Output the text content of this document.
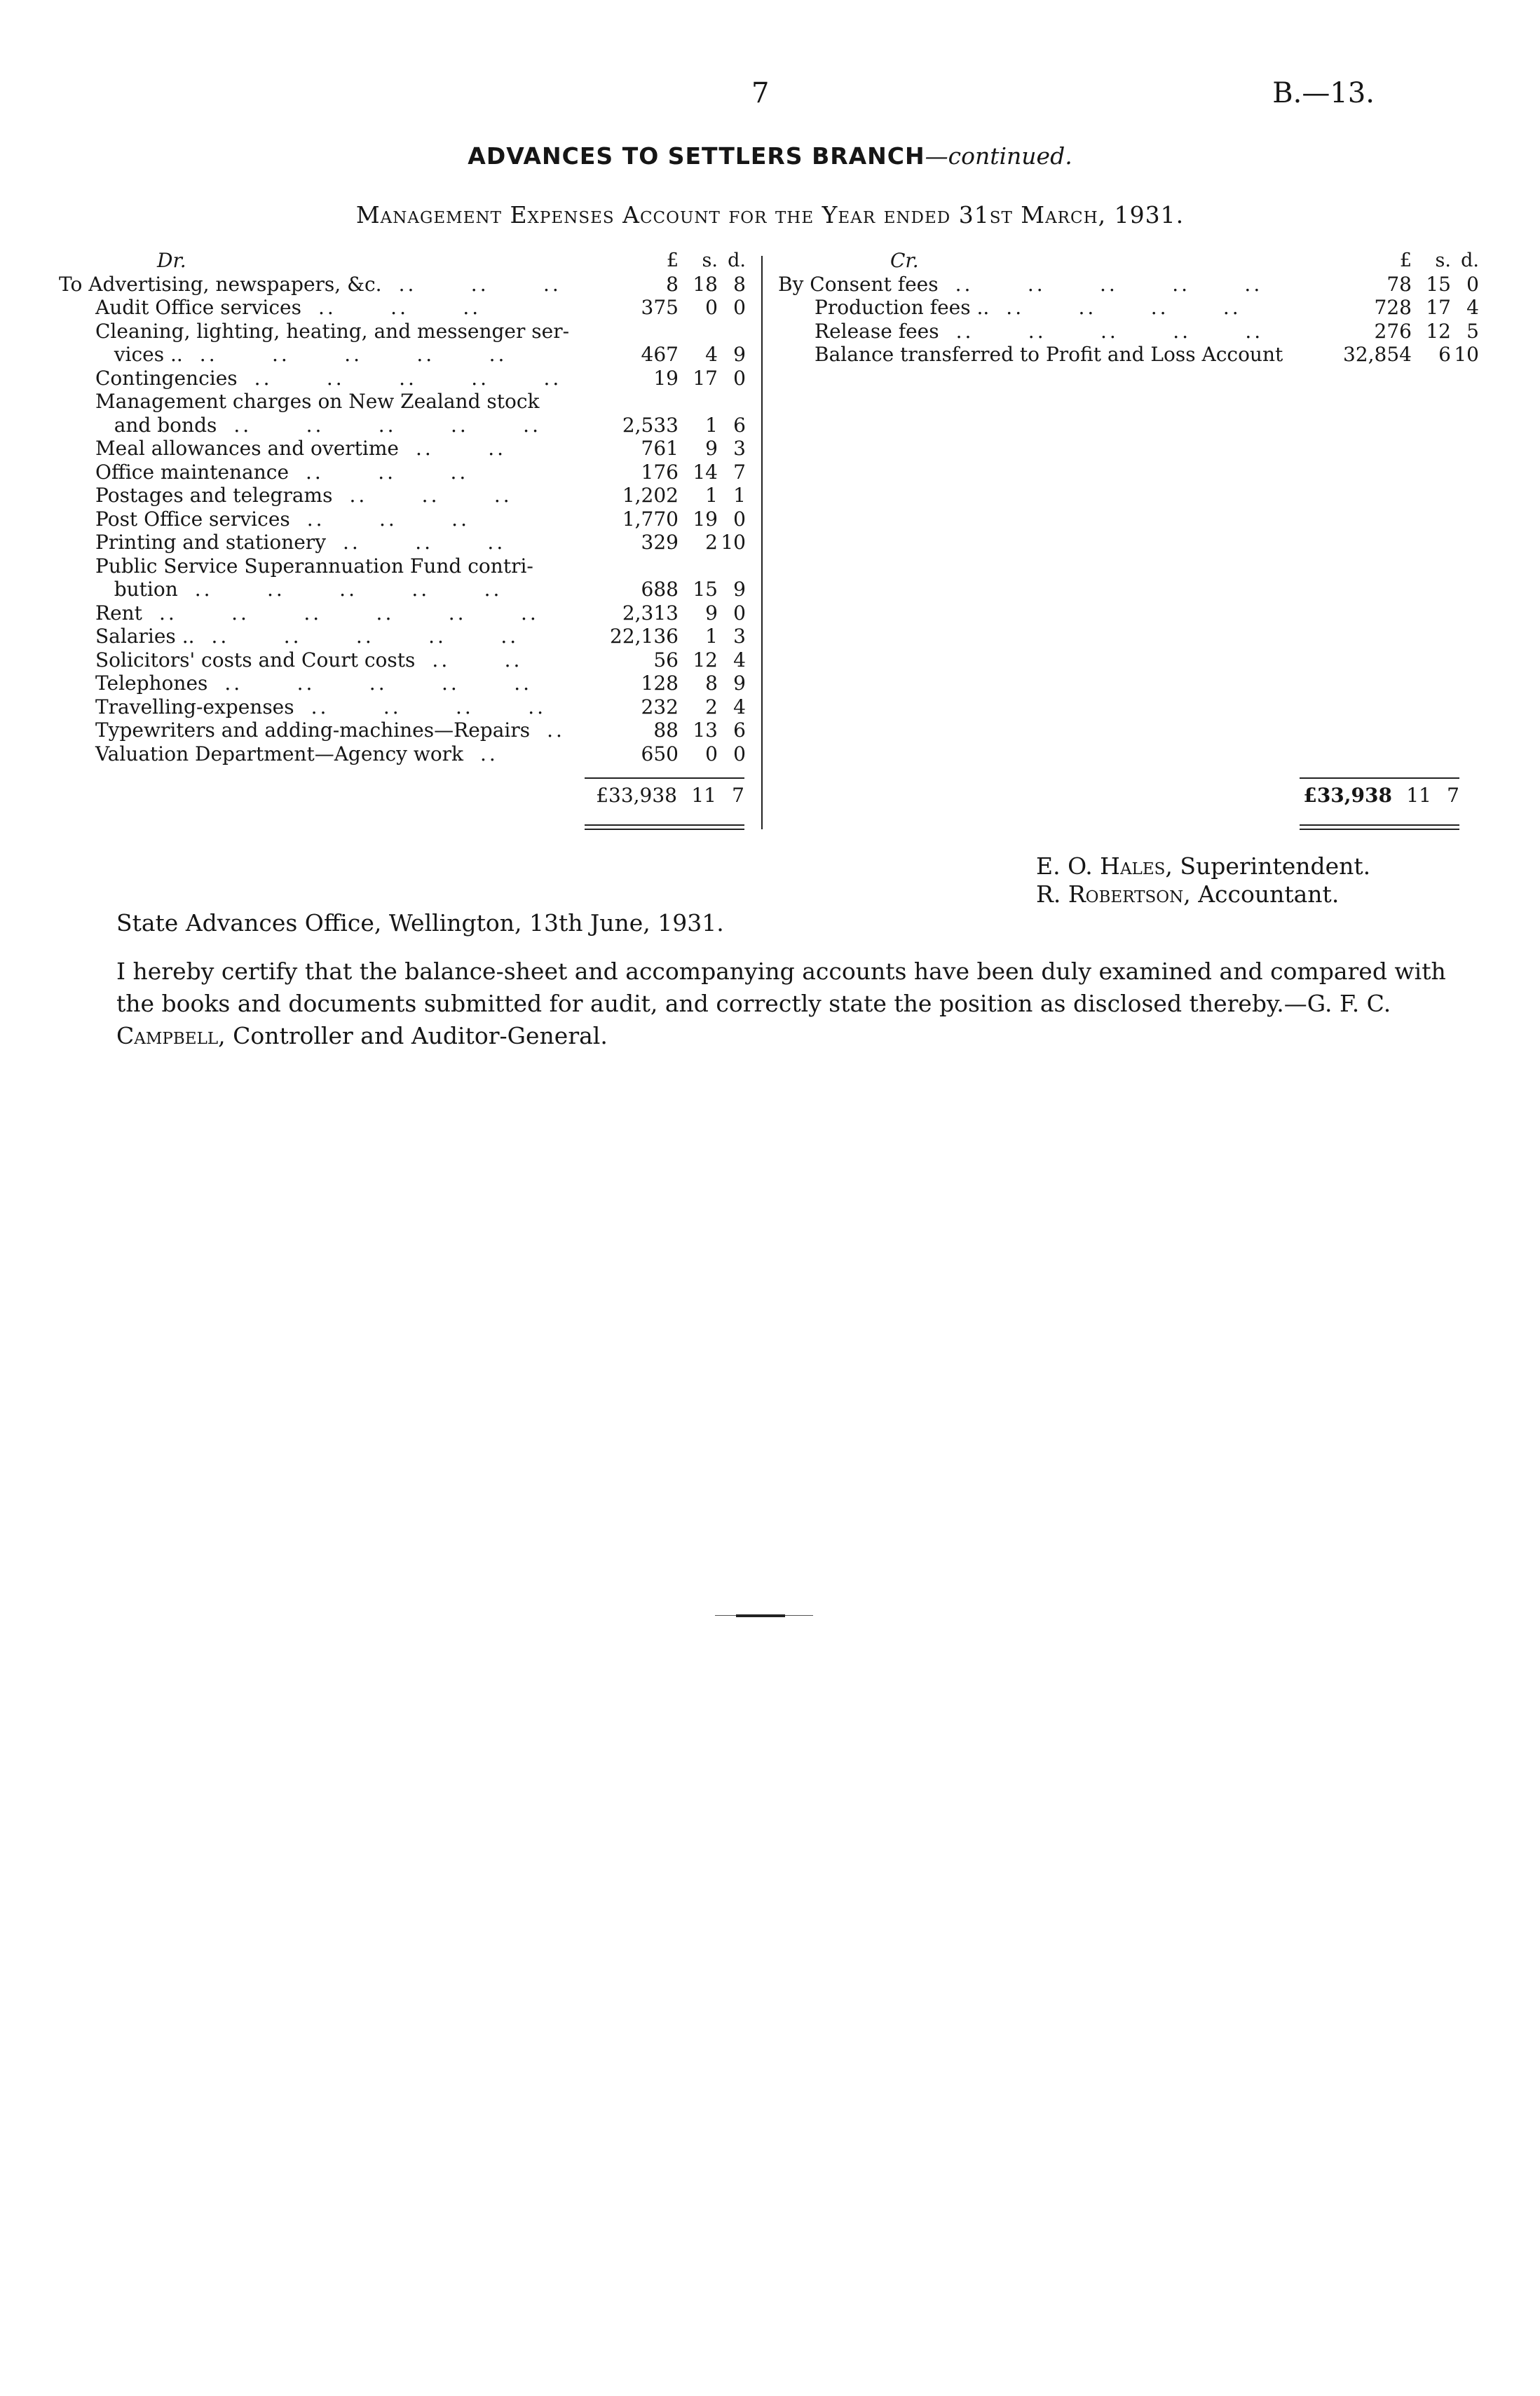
7	B.—13.
ADVANCES TO SETTLERS BRANCH—continued.
Management Expenses Account for the Year ended 31st March, 1931.
Dr.	£ s. d.
To Advertising, newspapers, &c. ..      ..      ..	8 18 8
Audit Office services ..      ..      ..	375 0 0
Cleaning, lighting, heating, and messenger ser-
vices .. ..      ..      ..      ..      ..	467 4 9
Contingencies ..      ..      ..      ..      ..	19 17 0
Management charges on New Zealand stock
and bonds ..      ..      ..      ..      ..	2,533 1 6
Meal allowances and overtime ..      ..	761 9 3
Office maintenance ..      ..      ..	176 14 7
Postages and telegrams ..      ..      ..	1,202 1 1
Post Office services ..      ..      ..	1,770 19 0
Printing and stationery ..      ..      ..	329 2 10
Public Service Superannuation Fund contri-
bution ..      ..      ..      ..      ..	688 15 9
Rent ..      ..      ..      ..      ..      ..	2,313 9 0
Salaries .. ..      ..      ..      ..      ..	22,136 1 3
Solicitors' costs and Court costs ..      ..	56 12 4
Telephones ..      ..      ..      ..      ..	128 8 9
Travelling-expenses ..      ..      ..      ..	232 2 4
Typewriters and adding-machines—Repairs ..	88 13 6
Valuation Department—Agency work ..	650 0 0
Cr.	£ s. d.
By Consent fees ..      ..      ..      ..      ..	78 15 0
Production fees .. ..      ..      ..      ..	728 17 4
Release fees ..      ..      ..      ..      ..	276 12 5
Balance transferred to Profit and Loss Account	32,854 6 10
£33,938 11 7	£33,938 11 7
E. O. Hales, Superintendent.
R. Robertson, Accountant.
State Advances Office, Wellington, 13th June, 1931.
I hereby certify that the balance-sheet and accompanying accounts have been duly examined and compared with the books and documents submitted for audit, and correctly state the position as disclosed thereby.—G. F. C. Campbell, Controller and Auditor-General.
